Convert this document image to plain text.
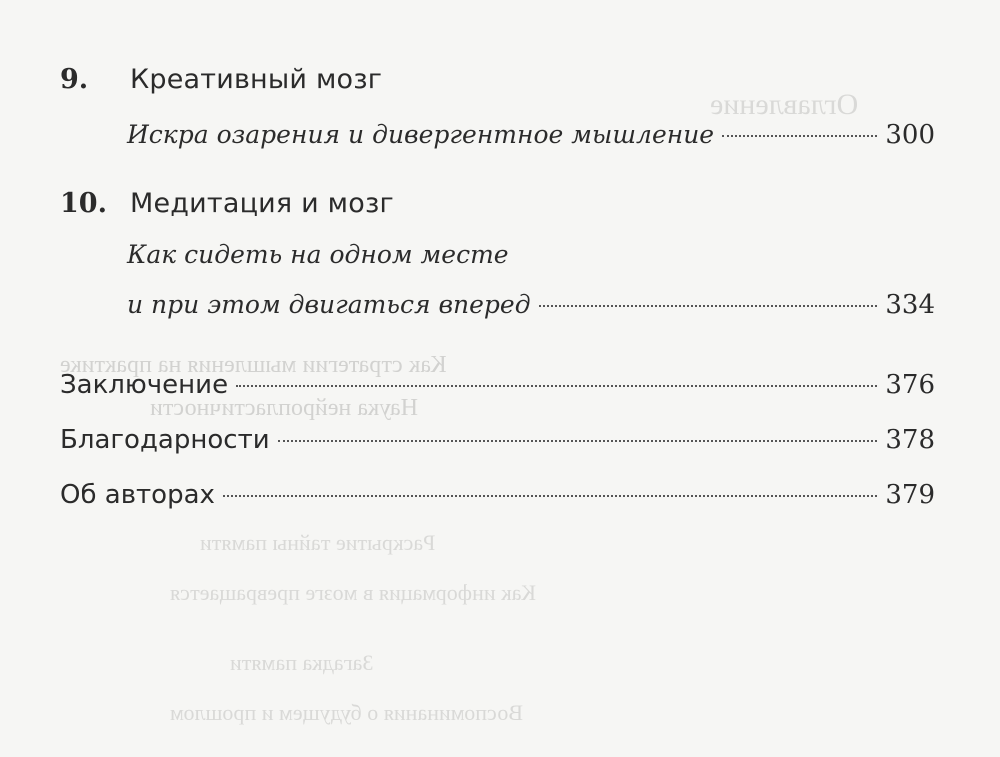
Оглавление
Как стратегии мышления на практике
Наука нейропластичности
Раскрытие тайны памяти
Как информация в мозге превращается
Загадка памяти
Воспоминания о будущем и прошлом
9. Креативный мозг
Искра озарения и дивергентное мышление	300
10. Медитация и мозг
Как сидеть на одном месте
и при этом двигаться вперед	334
Заключение	376
Благодарности	378
Об авторах	379
